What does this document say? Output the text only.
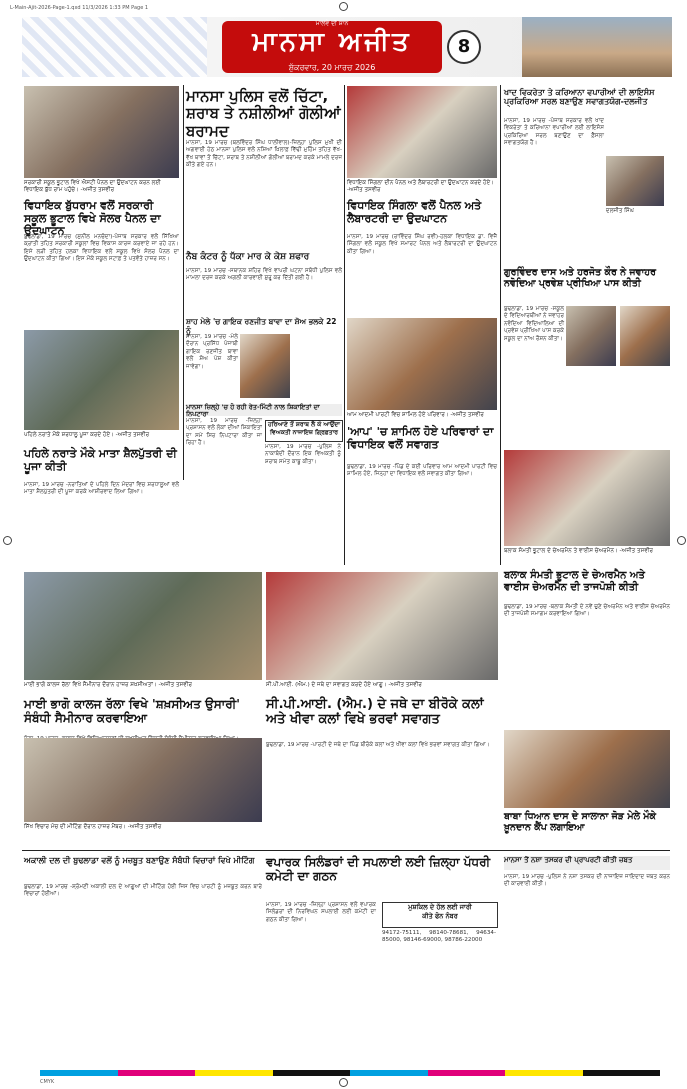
L-Main-Ajit-2026-Page-1.qxd 11/3/2026 1:33 PM Page 1
ਮਾਲਵੇ ਦੀ ਸ਼ਾਨ
ਮਾਨਸਾ ਅਜੀਤ
ਸ਼ੁੱਕਰਵਾਰ, 20 ਮਾਰਚ 2026
8
ਸਰਕਾਰੀ ਸਕੂਲ ਭੂਟਾਲ ਵਿਖੇ ਐਸਟੀ ਪੈਨਲ ਦਾ ਉਦਘਾਟਨ ਕਰਨ ਲਈ ਵਿਧਾਇਕ ਬੁੱਧ ਰਾਮ ਪਹੁੰਚੇ। -ਅਜੀਤ ਤਸਵੀਰ
ਵਿਧਾਇਕ ਬੁੱਧਰਾਮ ਵਲੋਂ ਸਰਕਾਰੀ ਸਕੂਲ ਭੂਟਾਲ ਵਿਖੇ ਸੋਲਰ ਪੈਨਲ ਦਾ ਉਦਘਾਟਨ
ਬੁਢਲਾਡਾ, 19 ਮਾਰਚ (ਸੁਨੀਲ ਮਨਚੰਦਾ)-ਪੰਜਾਬ ਸਰਕਾਰ ਵਲੋਂ ਸਿੱਖਿਆ ਕ੍ਰਾਂਤੀ ਤਹਿਤ ਸਰਕਾਰੀ ਸਕੂਲਾਂ ਵਿਚ ਵਿਕਾਸ ਕਾਰਜ ਕਰਵਾਏ ਜਾ ਰਹੇ ਹਨ। ਇਸੇ ਲੜੀ ਤਹਿਤ ਹਲਕਾ ਵਿਧਾਇਕ ਵਲੋਂ ਸਕੂਲ ਵਿਖੇ ਸੋਲਰ ਪੈਨਲ ਦਾ ਉਦਘਾਟਨ ਕੀਤਾ ਗਿਆ। ਇਸ ਮੌਕੇ ਸਕੂਲ ਸਟਾਫ਼ ਤੇ ਪਤਵੰਤੇ ਹਾਜ਼ਰ ਸਨ।
ਮਾਨਸਾ ਪੁਲਿਸ ਵਲੋਂ ਚਿੱਟਾ, ਸ਼ਰਾਬ ਤੇ ਨਸ਼ੀਲੀਆਂ ਗੋਲੀਆਂ ਬਰਾਮਦ
ਮਾਨਸਾ, 19 ਮਾਰਚ (ਬਲਵਿੰਦਰ ਸਿੰਘ ਧਾਲੀਵਾਲ)-ਜ਼ਿਲ੍ਹਾ ਪੁਲਿਸ ਮੁਖੀ ਦੀ ਅਗਵਾਈ ਹੇਠ ਮਾਨਸਾ ਪੁਲਿਸ ਵਲੋਂ ਨਸ਼ਿਆਂ ਖ਼ਿਲਾਫ਼ ਵਿੱਢੀ ਮੁਹਿੰਮ ਤਹਿਤ ਵੱਖ-ਵੱਖ ਥਾਵਾਂ ਤੋਂ ਚਿੱਟਾ, ਸ਼ਰਾਬ ਤੇ ਨਸ਼ੀਲੀਆਂ ਗੋਲੀਆਂ ਬਰਾਮਦ ਕਰਕੇ ਮਾਮਲੇ ਦਰਜ ਕੀਤੇ ਗਏ ਹਨ।
ਨੈਬ ਕੰਟਰ ਨੂੰ ਧੱਕਾ ਮਾਰ ਕੇ ਕੇਸ਼ ਸ਼ਫਾਰ
ਮਾਨਸਾ, 19 ਮਾਰਚ -ਸਥਾਨਕ ਸ਼ਹਿਰ ਵਿਖੇ ਵਾਪਰੀ ਘਟਨਾ ਸਬੰਧੀ ਪੁਲਿਸ ਵਲੋਂ ਮਾਮਲਾ ਦਰਜ ਕਰਕੇ ਅਗਲੀ ਕਾਰਵਾਈ ਸ਼ੁਰੂ ਕਰ ਦਿੱਤੀ ਗਈ ਹੈ।
ਸ਼ਾਹ ਮੇਲੇ 'ਚ ਗਾਇਕ ਰਣਜੀਤ ਬਾਵਾ ਦਾ ਸ਼ੋਅ ਭਲਕੇ 22 ਨੂੰ
ਮਾਨਸਾ, 19 ਮਾਰਚ -ਮੇਲੇ ਦੌਰਾਨ ਪ੍ਰਸਿੱਧ ਪੰਜਾਬੀ ਗਾਇਕ ਰਣਜੀਤ ਬਾਵਾ ਵਲੋਂ ਸ਼ੋਅ ਪੇਸ਼ ਕੀਤਾ ਜਾਵੇਗਾ।
ਵਿਧਾਇਕ ਸਿੰਗਲਾ ਦੀਨ ਪੈਨਲ ਅਤੇ ਲੈਬਾਰਟਰੀ ਦਾ ਉਦਘਾਟਨ ਕਰਦੇ ਹੋਏ। -ਅਜੀਤ ਤਸਵੀਰ
ਵਿਧਾਇਕ ਸਿੰਗਲਾ ਵਲੋਂ ਪੈਨਲ ਅਤੇ ਲੈਬਾਰਟਰੀ ਦਾ ਉਦਘਾਟਨ
ਮਾਨਸਾ, 19 ਮਾਰਚ (ਰਾਵਿੰਦਰ ਸਿੰਘ ਰਵੀ)-ਹਲਕਾ ਵਿਧਾਇਕ ਡਾ. ਵਿਜੈ ਸਿੰਗਲਾ ਵਲੋਂ ਸਕੂਲ ਵਿਖੇ ਸਮਾਰਟ ਪੈਨਲ ਅਤੇ ਲੈਬਾਰਟਰੀ ਦਾ ਉਦਘਾਟਨ ਕੀਤਾ ਗਿਆ।
ਖਾਦ ਵਿਕਰੇਤਾ ਤੇ ਕਰਿਆਨਾ ਵਪਾਰੀਆਂ ਦੀ ਲਾਇਸੰਸ ਪ੍ਰਕਿਰਿਆ ਸਰਲ ਬਣਾਉਣ ਸਵਾਗਤਯੋਗ-ਦਲਜੀਤ
ਮਾਨਸਾ, 19 ਮਾਰਚ -ਪੰਜਾਬ ਸਰਕਾਰ ਵਲੋਂ ਖਾਦ ਵਿਕਰੇਤਾ ਤੇ ਕਰਿਆਨਾ ਵਪਾਰੀਆਂ ਲਈ ਲਾਇਸੰਸ ਪ੍ਰਕਿਰਿਆ ਸਰਲ ਬਣਾਉਣ ਦਾ ਫ਼ੈਸਲਾ ਸਵਾਗਤਯੋਗ ਹੈ।
ਦਲਜੀਤ ਸਿੰਘ
ਪਹਿਲੇ ਨਰਾਤੇ ਮੌਕੇ ਸ਼ਰਧਾਲੂ ਪੂਜਾ ਕਰਦੇ ਹੋਏ। -ਅਜੀਤ ਤਸਵੀਰ
ਪਹਿਲੇ ਨਰਾਤੇ ਮੌਕੇ ਮਾਤਾ ਸ਼ੈਲਪੁੱਤਰੀ ਦੀ ਪੂਜਾ ਕੀਤੀ
ਮਾਨਸਾ, 19 ਮਾਰਚ -ਨਰਾਤਿਆਂ ਦੇ ਪਹਿਲੇ ਦਿਨ ਮੰਦਰਾਂ ਵਿਚ ਸ਼ਰਧਾਲੂਆਂ ਵਲੋਂ ਮਾਤਾ ਸ਼ੈਲਪੁੱਤਰੀ ਦੀ ਪੂਜਾ ਕਰਕੇ ਆਸ਼ੀਰਵਾਦ ਲਿਆ ਗਿਆ।
ਮਾਨਸਾ ਜ਼ਿਲ੍ਹੇ 'ਚ ਹੋ ਰਹੀ ਰੇਤ-ਮਿੱਟੀ ਨਾਲ ਸ਼ਿਕਾਇਤਾਂ ਦਾ ਨਿਪਟਾਰਾ
ਮਾਨਸਾ, 19 ਮਾਰਚ -ਜ਼ਿਲ੍ਹਾ ਪ੍ਰਸ਼ਾਸਨ ਵਲੋਂ ਲੋਕਾਂ ਦੀਆਂ ਸ਼ਿਕਾਇਤਾਂ ਦਾ ਸਮੇਂ ਸਿਰ ਨਿਪਟਾਰਾ ਕੀਤਾ ਜਾ ਰਿਹਾ ਹੈ।
ਹਰਿਆਣੇ ਤੋਂ ਸ਼ਰਾਬ ਲੈ ਕੇ ਆਉਂਦਾ ਵਿਅਕਤੀ ਨਾਜਾਇਜ਼ ਗ੍ਰਿਫ਼ਤਾਰ
ਮਾਨਸਾ, 19 ਮਾਰਚ -ਪੁਲਿਸ ਨੇ ਨਾਕਾਬੰਦੀ ਦੌਰਾਨ ਇਕ ਵਿਅਕਤੀ ਨੂੰ ਸ਼ਰਾਬ ਸਮੇਤ ਕਾਬੂ ਕੀਤਾ।
ਆਮ ਆਦਮੀ ਪਾਰਟੀ ਵਿਚ ਸ਼ਾਮਿਲ ਹੋਏ ਪਰਿਵਾਰ। -ਅਜੀਤ ਤਸਵੀਰ
'ਆਪ' 'ਚ ਸ਼ਾਮਿਲ ਹੋਏ ਪਰਿਵਾਰਾਂ ਦਾ ਵਿਧਾਇਕ ਵਲੋਂ ਸਵਾਗਤ
ਬੁਢਲਾਡਾ, 19 ਮਾਰਚ -ਪਿੰਡ ਦੇ ਕਈ ਪਰਿਵਾਰ ਆਮ ਆਦਮੀ ਪਾਰਟੀ ਵਿਚ ਸ਼ਾਮਿਲ ਹੋਏ, ਜਿਨ੍ਹਾਂ ਦਾ ਵਿਧਾਇਕ ਵਲੋਂ ਸਵਾਗਤ ਕੀਤਾ ਗਿਆ।
ਗੁਰਵਿੰਦਰ ਦਾਸ ਅਤੇ ਹਰਜੋਤ ਕੌਰ ਨੇ ਜਵਾਹਰ ਨਵੋਦਿਆ ਪ੍ਰਵੇਸ਼ ਪ੍ਰੀਖਿਆ ਪਾਸ ਕੀਤੀ
ਬੁਢਲਾਡਾ, 19 ਮਾਰਚ -ਸਕੂਲ ਦੇ ਵਿਦਿਆਰਥੀਆਂ ਨੇ ਜਵਾਹਰ ਨਵੋਦਿਆ ਵਿਦਿਆਲਿਆ ਦੀ ਪ੍ਰਵੇਸ਼ ਪ੍ਰੀਖਿਆ ਪਾਸ ਕਰਕੇ ਸਕੂਲ ਦਾ ਨਾਂਅ ਰੌਸ਼ਨ ਕੀਤਾ।
ਬਲਾਕ ਸੰਮਤੀ ਭੂਟਾਲ ਦੇ ਚੇਅਰਮੈਨ ਤੇ ਵਾਈਸ ਚੇਅਰਮੈਨ। -ਅਜੀਤ ਤਸਵੀਰ
ਬਲਾਕ ਸੰਮਤੀ ਭੂਟਾਲ ਦੇ ਚੇਅਰਮੈਨ ਅਤੇ ਵਾਈਸ ਚੇਅਰਮੈਨ ਦੀ ਤਾਜਪੋਸ਼ੀ ਕੀਤੀ
ਬੁਢਲਾਡਾ, 19 ਮਾਰਚ -ਬਲਾਕ ਸੰਮਤੀ ਦੇ ਨਵੇਂ ਚੁਣੇ ਚੇਅਰਮੈਨ ਅਤੇ ਵਾਈਸ ਚੇਅਰਮੈਨ ਦੀ ਤਾਜਪੋਸ਼ੀ ਸਮਾਗਮ ਕਰਵਾਇਆ ਗਿਆ।
ਮਾਈ ਭਾਗੋ ਕਾਲਜ ਰੱਲਾ ਵਿਖੇ ਸੈਮੀਨਾਰ ਦੌਰਾਨ ਹਾਜ਼ਰ ਸ਼ਖ਼ਸੀਅਤਾਂ। -ਅਜੀਤ ਤਸਵੀਰ
ਮਾਈ ਭਾਗੋ ਕਾਲਜ ਰੱਲਾ ਵਿਖੇ 'ਸ਼ਖ਼ਸੀਅਤ ਉਸਾਰੀ' ਸੰਬੰਧੀ ਸੈਮੀਨਾਰ ਕਰਵਾਇਆ
ਸੀ.ਪੀ.ਆਈ. (ਐਮ.) ਦੇ ਜਥੇ ਦਾ ਸਵਾਗਤ ਕਰਦੇ ਹੋਏ ਆਗੂ। -ਅਜੀਤ ਤਸਵੀਰ
ਸੀ.ਪੀ.ਆਈ. (ਐਮ.) ਦੇ ਜਥੇ ਦਾ ਬੀਰੋਕੇ ਕਲਾਂ ਅਤੇ ਖੀਵਾ ਕਲਾਂ ਵਿਖੇ ਭਰਵਾਂ ਸਵਾਗਤ
ਬੁਢਲਾਡਾ, 19 ਮਾਰਚ -ਪਾਰਟੀ ਦੇ ਜਥੇ ਦਾ ਪਿੰਡ ਬੀਰੋਕੇ ਕਲਾਂ ਅਤੇ ਖੀਵਾ ਕਲਾਂ ਵਿਖੇ ਭਰਵਾਂ ਸਵਾਗਤ ਕੀਤਾ ਗਿਆ।
ਬਾਬਾ ਧਿਆਨ ਦਾਸ ਦੇ ਸਾਲਾਨਾ ਜੋੜ ਮੇਲੇ ਮੌਕੇ ਖ਼ੂਨਦਾਨ ਕੈਂਪ ਲਗਾਇਆ
ਸਿੱਖ ਵਿਚਾਰ ਮੰਚ ਦੀ ਮੀਟਿੰਗ ਦੌਰਾਨ ਹਾਜ਼ਰ ਮੈਂਬਰ। -ਅਜੀਤ ਤਸਵੀਰ
ਵਪਾਰਕ ਸਿਲੰਡਰਾਂ ਦੀ ਸਪਲਾਈ ਲਈ ਜ਼ਿਲ੍ਹਾ ਪੱਧਰੀ ਕਮੇਟੀ ਦਾ ਗਠਨ
ਮਾਨਸਾ, 19 ਮਾਰਚ -ਜ਼ਿਲ੍ਹਾ ਪ੍ਰਸ਼ਾਸਨ ਵਲੋਂ ਵਪਾਰਕ ਸਿਲੰਡਰਾਂ ਦੀ ਨਿਰਵਿਘਨ ਸਪਲਾਈ ਲਈ ਕਮੇਟੀ ਦਾ ਗਠਨ ਕੀਤਾ ਗਿਆ।
ਮੁਸ਼ਕਿਲ ਦੇ ਹੱਲ ਲਈ ਜਾਰੀ
ਕੀਤੇ ਫੋਨ ਨੰਬਰ
94172-75111, 98140-78681, 94634-85000, 98146-69000, 98786-22000
ਅਕਾਲੀ ਦਲ ਦੀ ਬੁਢਲਾਡਾ ਵਲੋਂ ਨੂੰ ਮਜ਼ਬੂਤ ਬਣਾਉਣ ਸੰਬੰਧੀ ਵਿਚਾਰਾਂ ਵਿਖੇ ਮੀਟਿੰਗ
ਬੁਢਲਾਡਾ, 19 ਮਾਰਚ -ਸ਼੍ਰੋਮਣੀ ਅਕਾਲੀ ਦਲ ਦੇ ਆਗੂਆਂ ਦੀ ਮੀਟਿੰਗ ਹੋਈ ਜਿਸ ਵਿਚ ਪਾਰਟੀ ਨੂੰ ਮਜ਼ਬੂਤ ਕਰਨ ਬਾਰੇ ਵਿਚਾਰਾਂ ਹੋਈਆਂ।
ਮਾਨਸਾ ਤੋਂ ਨਸ਼ਾ ਤਸਕਰ ਦੀ ਪ੍ਰਾਪਰਟੀ ਕੀਤੀ ਜ਼ਬਤ
ਮਾਨਸਾ, 19 ਮਾਰਚ -ਪੁਲਿਸ ਨੇ ਨਸ਼ਾ ਤਸਕਰ ਦੀ ਨਾਜਾਇਜ਼ ਜਾਇਦਾਦ ਜ਼ਬਤ ਕਰਨ ਦੀ ਕਾਰਵਾਈ ਕੀਤੀ।
CMYK
